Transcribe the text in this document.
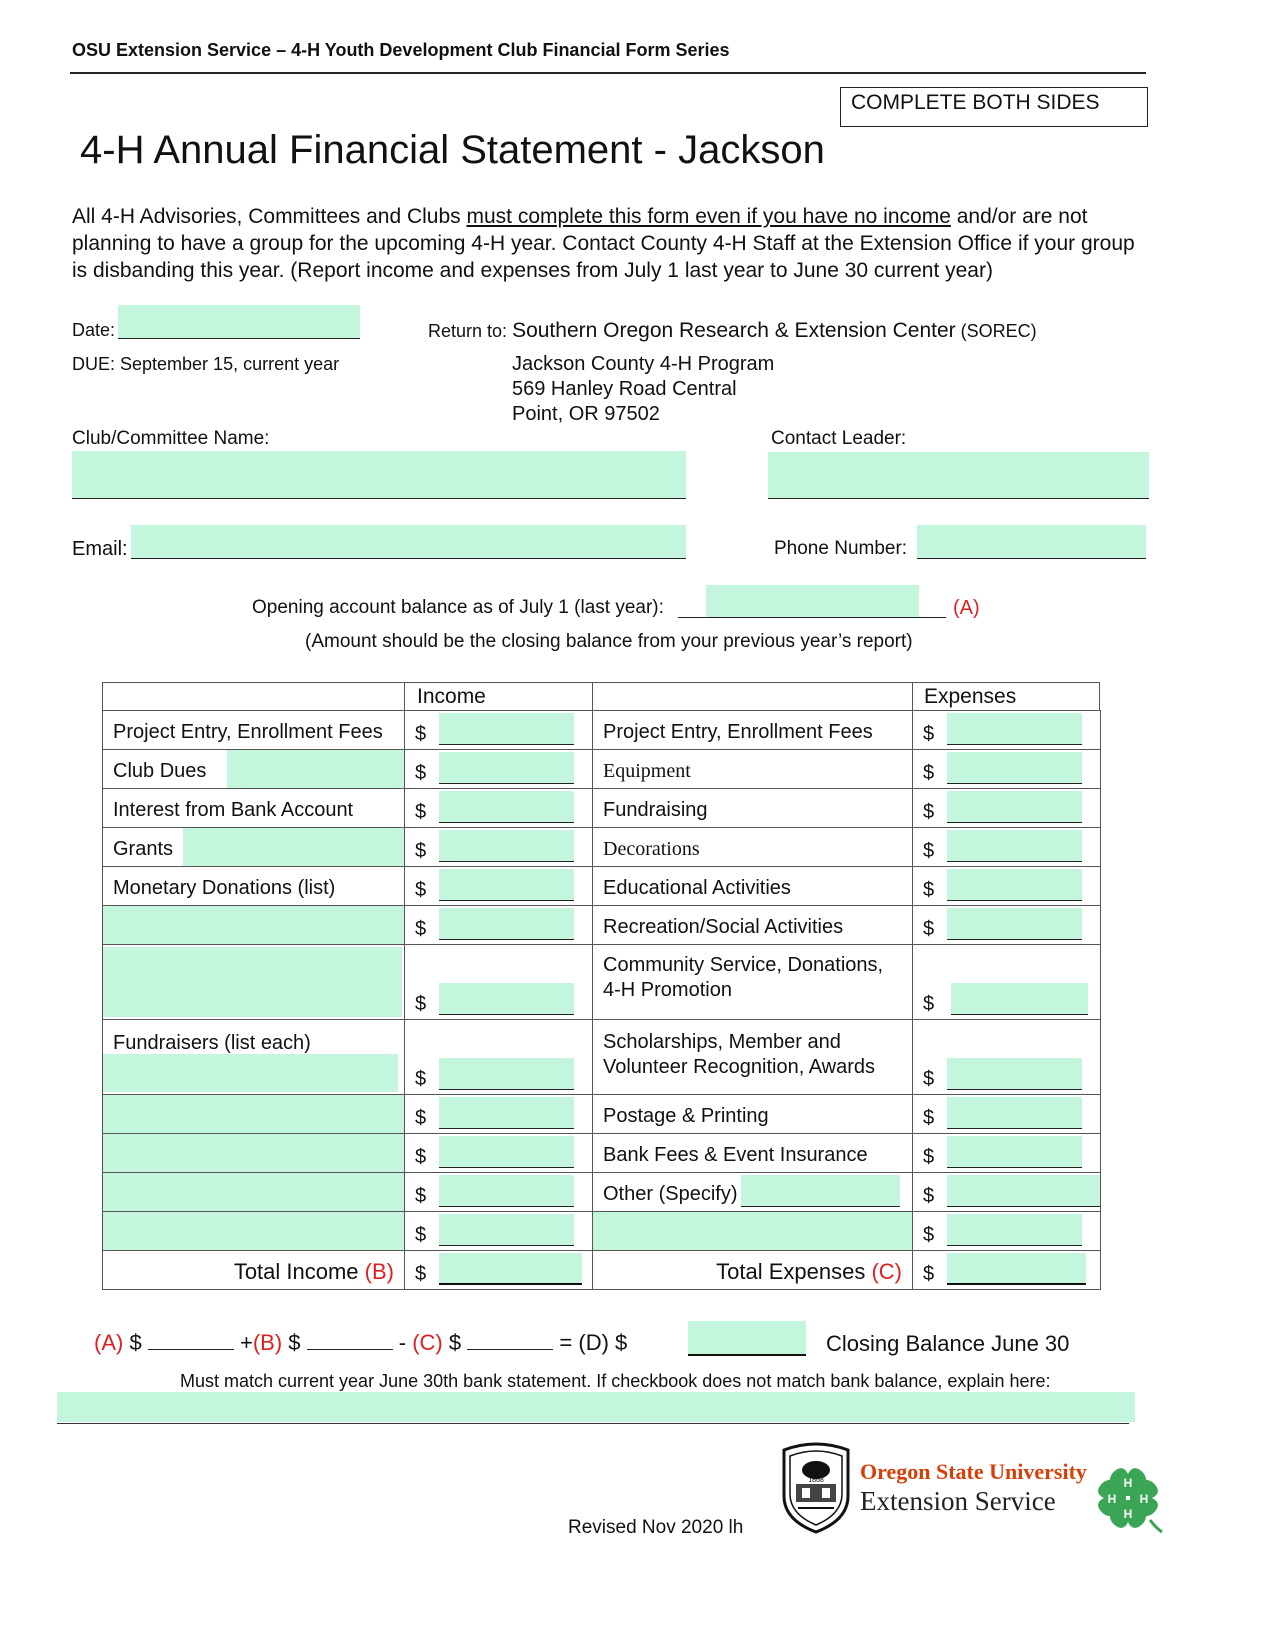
OSU Extension Service – 4-H Youth Development Club Financial Form Series
COMPLETE BOTH SIDES
4-H Annual Financial Statement - Jackson
All 4-H Advisories, Committees and Clubs must complete this form even if you have no income and/or are not planning to have a group for the upcoming 4-H year. Contact County 4-H Staff at the Extension Office if your group is disbanding this year. (Report income and expenses from July 1 last year to June 30 current year)
Date:
DUE: September 15, current year
Return to: Southern Oregon Research & Extension Center (SOREC)
Jackson County 4-H Program
569 Hanley Road Central
Point, OR 97502
Club/Committee Name:	Contact Leader:
Email:	Phone Number:
Opening account balance as of July 1 (last year):	(A)
(Amount should be the closing balance from your previous year’s report)
Income	Expenses
Project Entry, Enrollment Fees	$	Project Entry, Enrollment Fees	$

Club Dues	$	Equipment	$

Interest from Bank Account	$	Fundraising	$

Grants	$	Decorations	$

Monetary Donations (list)	$	Educational Activities	$

	$	Recreation/Social Activities	$

	$	Community Service, Donations,
4-H Promotion	$

Fundraisers (list each)	$	Scholarships, Member and
Volunteer Recognition, Awards	$

	$	Postage & Printing	$

	$	Bank Fees & Event Insurance	$

	$	Other (Specify)	$

	$		$

Total Income (B)	$	Total Expenses (C)	$
(A) $	+(B) $	- (C) $	= (D) $	Closing Balance June 30
Must match current year June 30th bank statement. If checkbook does not match bank balance, explain here:
Revised Nov 2020 lh
1868 Oregon State University
Extension Service
H
H
H H
